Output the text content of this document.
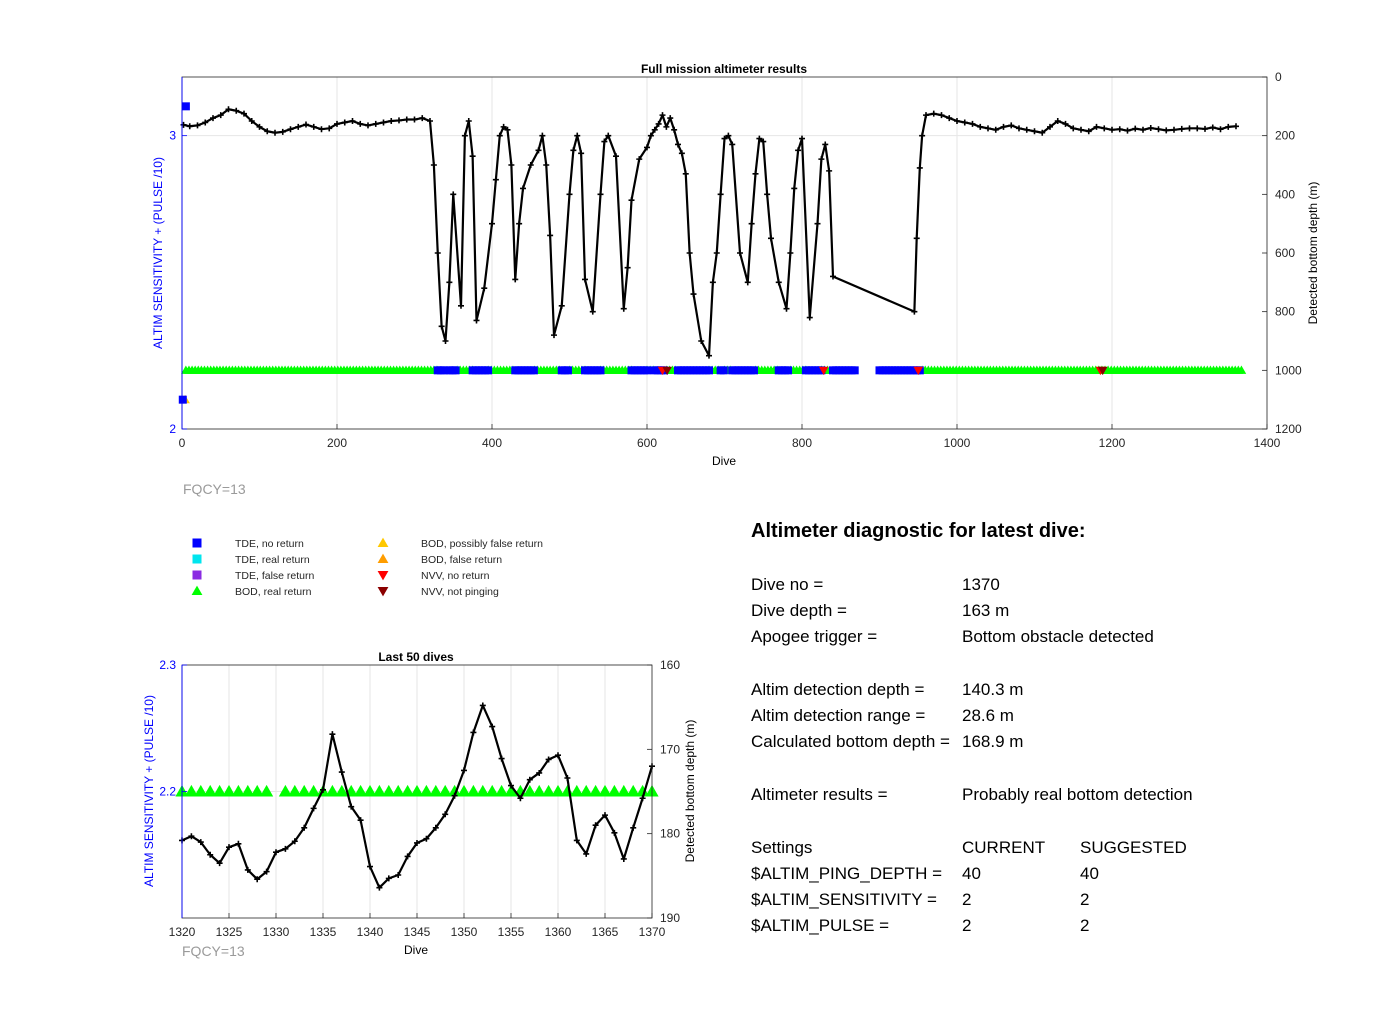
0	200	400	600	800	1000	1200	1400
2
3
0
200
400
600
800
1000
1200
Full mission altimeter results
Dive
ALTIM SENSITIVITY + (PULSE /10)	Detected bottom depth (m)
FQCY=13
TDE, no return
TDE, real return
TDE, false return
BOD, real return
BOD, possibly false return
BOD, false return
NVV, no return
NVV, not pinging
1320 1325 1330 1335 1340 1345 1350 1355 1360 1365 1370
2.2
2.3	160
170
180
190
Last 50 dives
Dive
ALTIM SENSITIVITY + (PULSE /10)	Detected bottom depth (m)
FQCY=13
Altimeter diagnostic for latest dive:
Dive no =	1370
Dive depth =	163 m
Apogee trigger =	Bottom obstacle detected
Altim detection depth = 140.3 m
Altim detection range = 28.6 m
Calculated bottom depth = 168.9 m
Altimeter results =	Probably real bottom detection
Settings	CURRENT SUGGESTED
$ALTIM_PING_DEPTH = 40	40
$ALTIM_SENSITIVITY = 2	2
$ALTIM_PULSE =	2	2
